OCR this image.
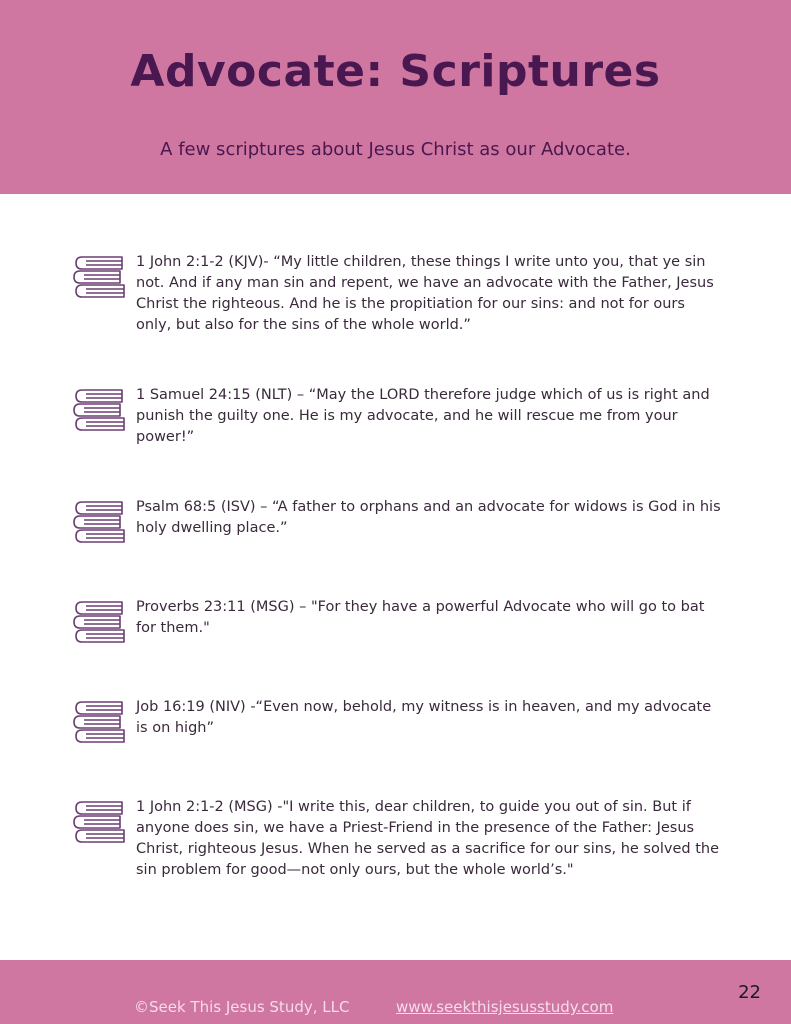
Advocate: Scriptures
A few scriptures about Jesus Christ as our Advocate.
1 John 2:1-2 (KJV)- “My little children, these things I write unto you, that ye sin not. And if any man sin and repent, we have an advocate with the Father, Jesus Christ the righteous. And he is the propitiation for our sins: and not for ours only, but also for the sins of the whole world.”
1 Samuel 24:15 (NLT) – “May the LORD therefore judge which of us is right and punish the guilty one. He is my advocate, and he will rescue me from your power!”
Psalm 68:5 (ISV) – “A father to orphans and an advocate for widows is God in his holy dwelling place.”
Proverbs 23:11 (MSG) – "For they have a powerful Advocate who will go to bat for them."
Job 16:19 (NIV) -“Even now, behold, my witness is in heaven, and my advocate is on high”
1 John 2:1-2 (MSG) -"I write this, dear children, to guide you out of sin. But if anyone does sin, we have a Priest-Friend in the presence of the Father: Jesus Christ, righteous Jesus. When he served as a sacrifice for our sins, he solved the sin problem for good—not only ours, but the whole world’s."
©Seek This Jesus Study, LLC	www.seekthisjesusstudy.com
22
